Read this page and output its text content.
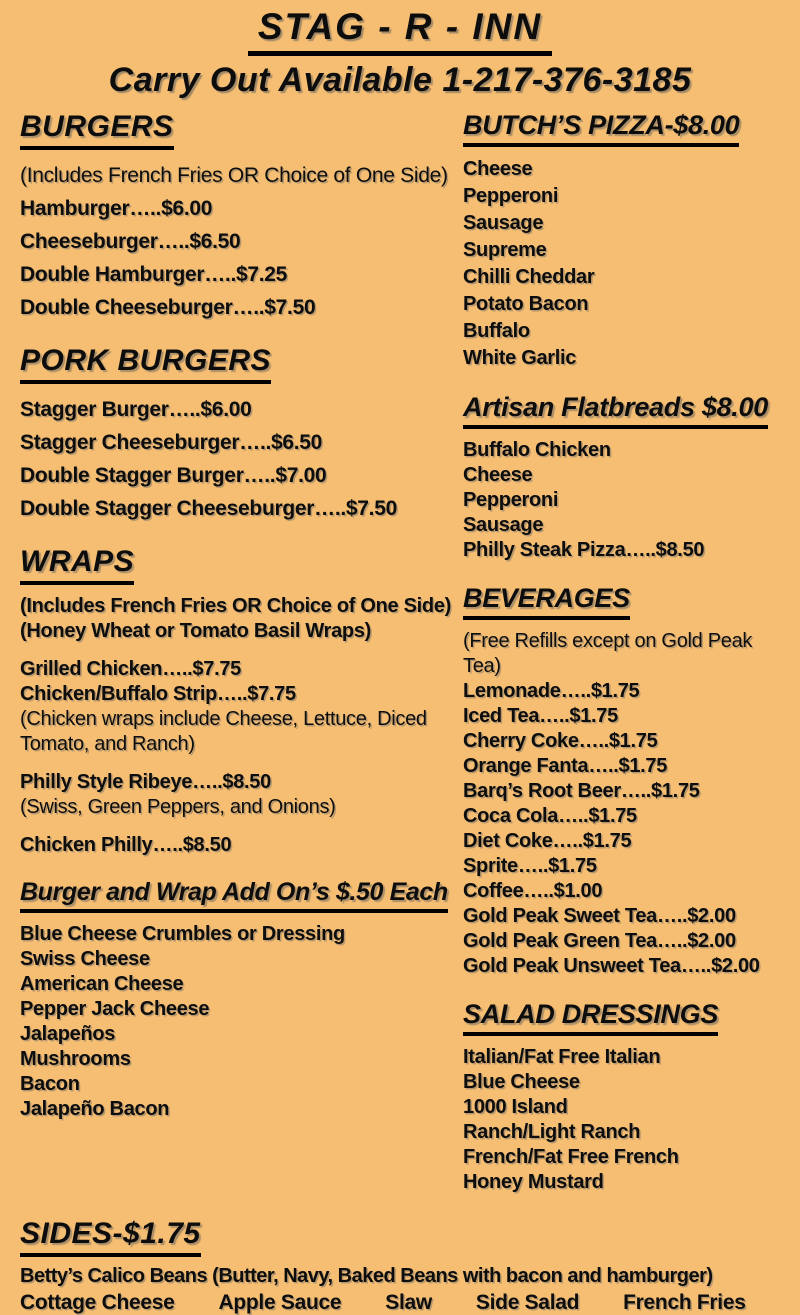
STAG - R - INN
Carry Out Available 1-217-376-3185
BURGERS
(Includes French Fries OR Choice of One Side)
Hamburger…..$6.00
Cheeseburger…..$6.50
Double Hamburger…..$7.25
Double Cheeseburger…..$7.50
PORK BURGERS
Stagger Burger…..$6.00
Stagger Cheeseburger…..$6.50
Double Stagger Burger…..$7.00
Double Stagger Cheeseburger…..$7.50
WRAPS
(Includes French Fries OR Choice of One Side)
(Honey Wheat or Tomato Basil Wraps)
Grilled Chicken…..$7.75
Chicken/Buffalo Strip…..$7.75
(Chicken wraps include Cheese, Lettuce, Diced Tomato, and Ranch)
Philly Style Ribeye…..$8.50
(Swiss, Green Peppers, and Onions)
Chicken Philly…..$8.50
Burger and Wrap Add On’s $.50 Each
Blue Cheese Crumbles or Dressing
Swiss Cheese
American Cheese
Pepper Jack Cheese
Jalapeños
Mushrooms
Bacon
Jalapeño Bacon
BUTCH’S PIZZA-$8.00
Cheese
Pepperoni
Sausage
Supreme
Chilli Cheddar
Potato Bacon
Buffalo
White Garlic
Artisan Flatbreads $8.00
Buffalo Chicken
Cheese
Pepperoni
Sausage
Philly Steak Pizza…..$8.50
BEVERAGES
(Free Refills except on Gold Peak Tea)
Lemonade…..$1.75
Iced Tea…..$1.75
Cherry Coke…..$1.75
Orange Fanta…..$1.75
Barq’s Root Beer…..$1.75
Coca Cola…..$1.75
Diet Coke…..$1.75
Sprite…..$1.75
Coffee…..$1.00
Gold Peak Sweet Tea…..$2.00
Gold Peak Green Tea…..$2.00
Gold Peak Unsweet Tea…..$2.00
SALAD DRESSINGS
Italian/Fat Free Italian
Blue Cheese
1000 Island
Ranch/Light Ranch
French/Fat Free French
Honey Mustard
SIDES-$1.75
Betty’s Calico Beans (Butter, Navy, Baked Beans with bacon and hamburger)
Cottage Cheese Apple Sauce Slaw Side Salad French Fries
